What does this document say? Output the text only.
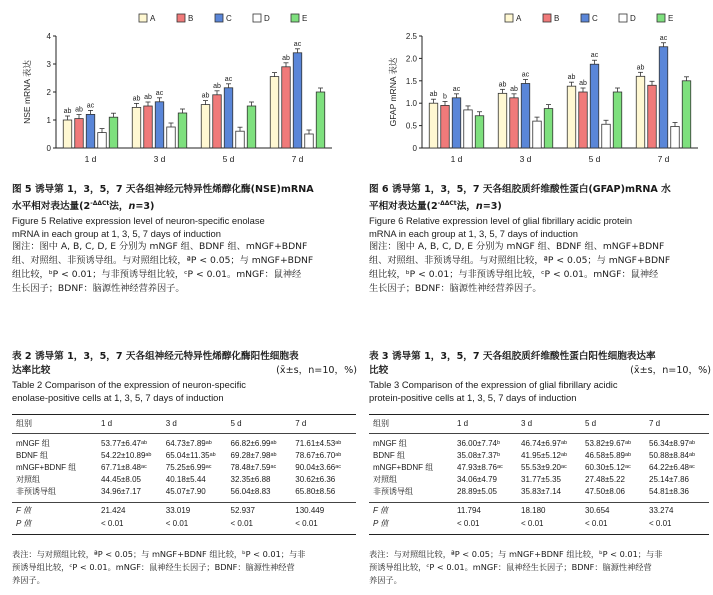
0
1
2
3
4
NSE mRNA 表达
A	B	C	D	E
1 d	3 d	5 d	7 d
ab ab
ac
ab ab
ac	ab
ab
ac
ab
ac
0
0.5
1.0
1.5
2.0
2.5
GFAP mRNA 表达
A	B	C	D	E
1 d	3 d	5 d	7 d
ab b
ac
ab
ab
ac	ab
ab
ac
ab
ac
图 5 诱导第 1，3，5，7 天各组神经元特异性烯醇化酶(NSE)mRNA
水平相对表达量($2^{-\Delta\Delta Ct}$法，n=3)
Figure 5 Relative expression level of neuron-specific enolase
mRNA in each group at 1, 3, 5, 7 days of induction
图注：图中 A, B, C, D, E 分别为 mNGF 组、BDNF 组、mNGF+BDNF
组、对照组、非预诱导组。与对照组比较，ªP < 0.05；与 mNGF+BDNF
组比较，ᵇP < 0.01；与非预诱导组比较，ᶜP < 0.01。mNGF：鼠神经
生长因子；BDNF：脑源性神经营养因子。
图 6 诱导第 1，3，5，7 天各组胶质纤维酸性蛋白(GFAP)mRNA 水
平相对表达量($2^{-\Delta\Delta Ct}$法，n=3)
Figure 6 Relative expression level of glial fibrillary acidic protein
mRNA in each group at 1, 3, 5, 7 days of induction
图注：图中 A, B, C, D, E 分别为 mNGF 组、BDNF 组、mNGF+BDNF
组、对照组、非预诱导组。与对照组比较，ªP < 0.05；与 mNGF+BDNF
组比较，ᵇP < 0.01；与非预诱导组比较，ᶜP < 0.01。mNGF：鼠神经
生长因子；BDNF：脑源性神经营养因子。
表 2 诱导第 1，3，5，7 天各组神经元特异性烯醇化酶阳性细胞表
达率比较	(x̄±s，n=10，%)
Table 2 Comparison of the expression of neuron-specific
enolase-positive cells at 1, 3, 5, 7 days of induction
表 3 诱导第 1，3，5，7 天各组胶质纤维酸性蛋白阳性细胞表达率
比较	(x̄±s，n=10，%)
Table 3 Comparison of the expression of glial fibrillary acidic
protein-positive cells at 1, 3, 5, 7 days of induction
组别	1 d	3 d	5 d	7 d
mNGF 组	53.77±6.47ᵃᵇ	64.73±7.89ᵃᵇ	66.82±6.99ᵃᵇ	71.61±4.53ᵃᵇ
BDNF 组	54.22±10.89ᵃᵇ	65.04±11.35ᵃᵇ	69.28±7.98ᵃᵇ	78.67±6.70ᵃᵇ
mNGF+BDNF 组	67.71±8.48ᵃᶜ	75.25±6.99ᵃᶜ	78.48±7.59ᵃᶜ	90.04±3.66ᵃᶜ
对照组	44.45±8.05	40.18±5.44	32.35±6.88	30.62±6.36
非预诱导组	34.96±7.17	45.07±7.90	56.04±8.83	65.80±8.56
F 值	21.424	33.019	52.937	130.449
P 值	< 0.01	< 0.01	< 0.01	< 0.01
表注：与对照组比较，ªP < 0.05；与 mNGF+BDNF 组比较，ᵇP < 0.01；与非
预诱导组比较，ᶜP < 0.01。mNGF：鼠神经生长因子；BDNF：脑源性神经营
养因子。
组别	1 d	3 d	5 d	7 d
mNGF 组	36.00±7.74ᵇ	46.74±6.97ᵃᵇ	53.82±9.67ᵃᵇ	56.34±8.97ᵃᵇ
BDNF 组	35.08±7.37ᵇ	41.95±5.12ᵃᵇ	46.58±5.89ᵃᵇ	50.88±8.84ᵃᵇ
mNGF+BDNF 组	47.93±8.76ᵃᶜ	55.53±9.20ᵃᶜ	60.30±5.12ᵃᶜ	64.22±6.48ᵃᶜ
对照组	34.06±4.79	31.77±5.35	27.48±5.22	25.14±7.86
非预诱导组	28.89±5.05	35.83±7.14	47.50±8.06	54.81±8.36
F 值	11.794	18.180	30.654	33.274
P 值	< 0.01	< 0.01	< 0.01	< 0.01
表注：与对照组比较，ªP < 0.05；与 mNGF+BDNF 组比较，ᵇP < 0.01；与非
预诱导组比较，ᶜP < 0.01。mNGF：鼠神经生长因子；BDNF：脑源性神经营
养因子。
